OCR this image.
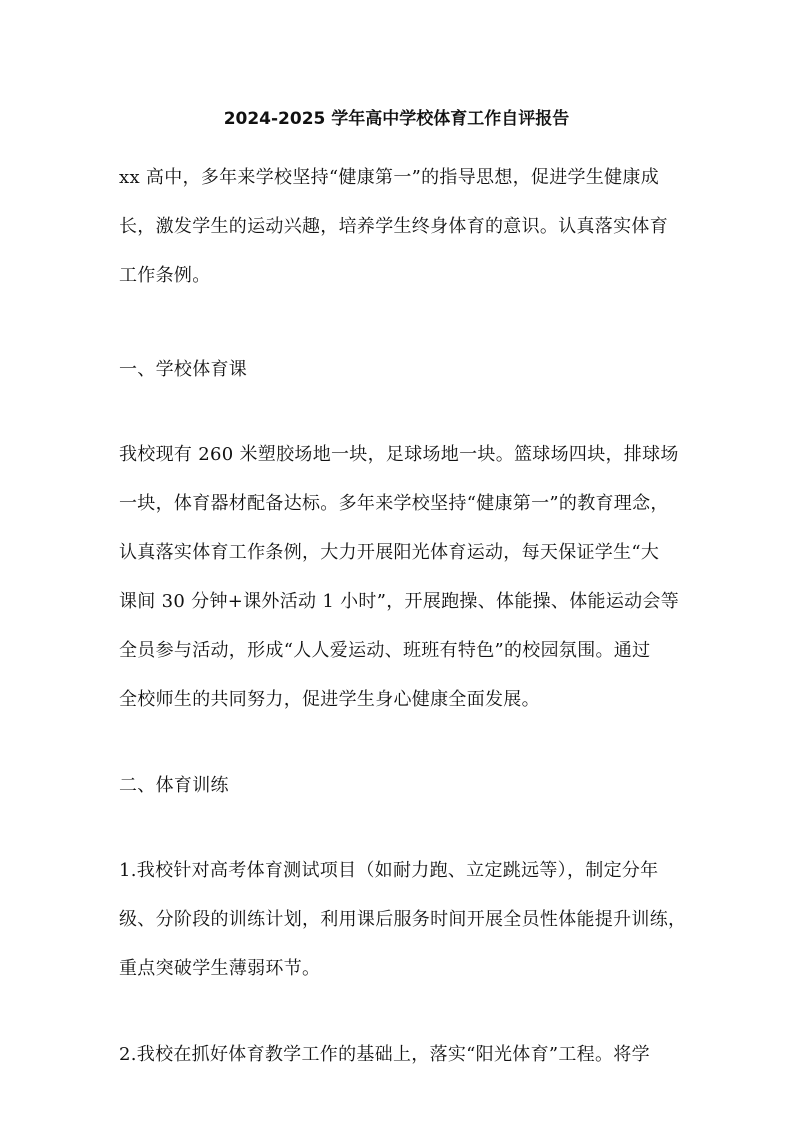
2024-2025 学年高中学校体育工作自评报告
xx 高中，多年来学校坚持“健康第一”的指导思想，促进学生健康成
长，激发学生的运动兴趣，培养学生终身体育的意识。认真落实体育
工作条例。
一、学校体育课
我校现有 260 米塑胶场地一块，足球场地一块。篮球场四块，排球场
一块，体育器材配备达标。多年来学校坚持“健康第一”的教育理念，
认真落实体育工作条例，大力开展阳光体育运动，每天保证学生“大
课间 30 分钟+课外活动 1 小时”，开展跑操、体能操、体能运动会等
全员参与活动，形成“人人爱运动、班班有特色”的校园氛围。通过
全校师生的共同努力，促进学生身心健康全面发展。
二、体育训练
1.我校针对高考体育测试项目（如耐力跑、立定跳远等），制定分年
级、分阶段的训练计划，利用课后服务时间开展全员性体能提升训练，
重点突破学生薄弱环节。
2.我校在抓好体育教学工作的基础上，落实“阳光体育”工程。将学
